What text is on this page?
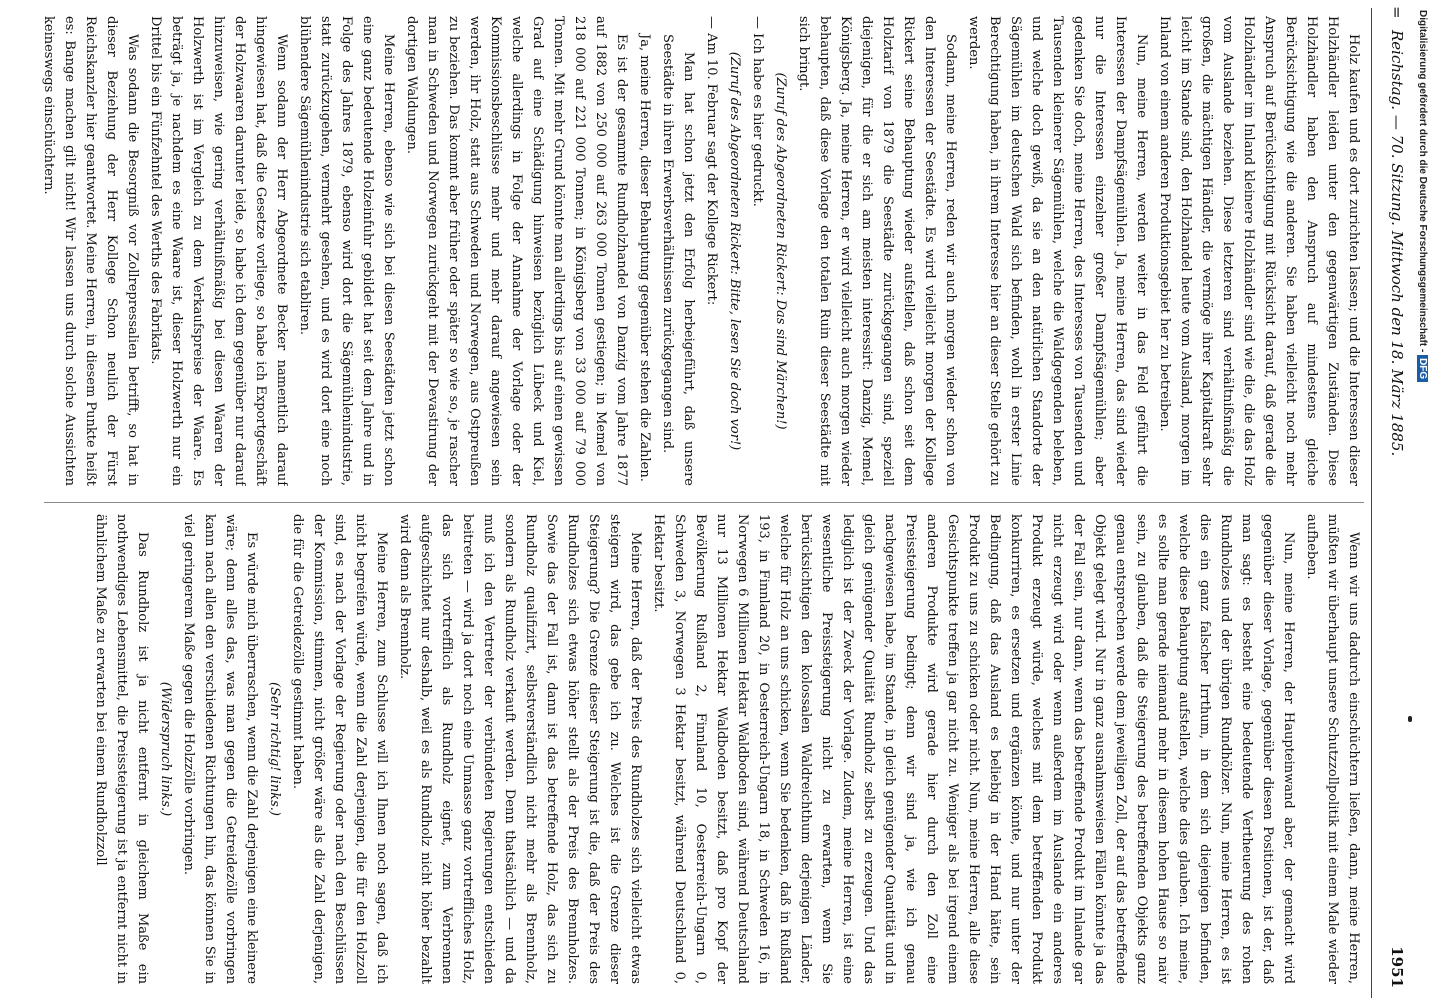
=
Reichstag. — 70. Sitzung. Mittwoch den 18. März 1885.
1951

Holz kaufen und es dort zurichten lassen; und die Interessen dieser Holzhändler leiden unter den gegenwärtigen Zuständen. Diese Holzhändler haben den Anspruch auf mindestens gleiche Berücksichtigung wie die anderen. Sie haben vielleicht noch mehr Anspruch auf Berücksichtigung mit Rücksicht darauf, daß gerade die Holzhändler im Inland kleinere Holzhändler sind wie die, die das Holz vom Auslande beziehen. Diese letzteren sind verhältnißmäßig die großen, die mächtigen Händler, die vermöge ihrer Kapitalkraft sehr leicht im Stande sind, den Holzhandel heute vom Ausland, morgen im Inland von einem anderen Produktionsgebiet her zu betreiben.

Nun, meine Herren, werden weiter in das Feld geführt die Interessen der Dampfsägemühlen. Ja, meine Herren, das sind wieder nur die Interessen einzelner großer Dampfsägemühlen; aber gedenken Sie doch, meine Herren, des Interesses von Tausenden und Tausenden kleinerer Sägemühlen, welche die Waldgegenden beleben, und welche doch gewiß, da sie an den natürlichen Standorte der Sägemühlen im deutschen Wald sich befinden, wohl in erster Linie Berechtigung haben, in ihrem Interesse hier an dieser Stelle gehört zu werden.

Sodann, meine Herren, reden wir auch morgen wieder schon von den Interessen der Seestädte. Es wird vielleicht morgen der Kollege Rickert seine Behauptung wieder aufstellen, daß schon seit dem Holztarif von 1879 die Seestädte zurückgegangen sind, speziell diejenigen, für die er sich am meisten interessirt: Danzig, Memel, Königsberg. Ja, meine Herren, er wird vielleicht auch morgen wieder behaupten, daß diese Vorlage den totalen Ruin dieser Seestädte mit sich bringt.

(Zuruf des Abgeordneten Rickert: Das sind Märchen!)

— Ich habe es hier gedruckt.

(Zuruf des Abgeordneten Rickert: Bitte, lesen Sie doch vor!)

— Am 10. Februar sagt der Kollege Rickert:

Man hat schon jetzt den Erfolg herbeigeführt, daß unsere Seestädte in ihren Erwerbsverhältnissen zurückgegangen sind.

Ja, meine Herren, dieser Behauptung gegenüber stehen die Zahlen.

Es ist der gesammte Rundholzhandel von Danzig vom Jahre 1877 auf 1882 von 250 000 auf 263 000 Tonnen gestiegen; in Memel von 218 000 auf 221 000 Tonnen; in Königsberg von 33 000 auf 79 000 Tonnen. Mit mehr Grund könnte man allerdings bis auf einen gewissen Grad auf eine Schädigung hinweisen bezüglich Lübeck und Kiel, welche allerdings in Folge der Annahme der Vorlage oder der Kommissionsbeschlüsse mehr und mehr darauf angewiesen sein werden, ihr Holz, statt aus Schweden und Norwegen, aus Ostpreußen zu beziehen. Das kommt aber früher oder später so wie so, je rascher man in Schweden und Norwegen zurückgeht mit der Devastirung der dortigen Waldungen.

Meine Herren, ebenso wie sich bei diesen Seestädten jetzt schon eine ganz bedeutende Holzeinfuhr gebildet hat seit dem Jahre und in Folge des Jahres 1879, ebenso wird dort die Sägemühlenindustrie, statt zurückzugehen, vermehrt gesehen, und es wird dort eine noch blühendere Sägemühlenindustrie sich etabliren.

Wenn sodann der Herr Abgeordnete Becker namentlich darauf hingewiesen hat, daß die Gesetze vorliege, so habe ich Exportgeschäft der Holzwaaren darunter leide, so habe ich dem gegenüber nur darauf hinzuweisen, wie gering verhältnißmäßig bei diesen Waaren der Holzwerth ist im Vergleich zu dem Verkaufspreise der Waare. Es beträgt ja, je nachdem es eine Waare ist, dieser Holzwerth nur ein Drittel bis ein Fünfzehntel des Werths des Fabrikats.

Was sodann die Besorgniß vor Zollrepressalien betrifft, so hat in dieser Beziehung der Herr Kollege Schon neulich der Fürst Reichskanzler hier geantwortet. Meine Herren, in diesem Punkte heißt es: Bange machen gilt nicht! Wir lassen uns durch solche Aussichten keineswegs einschüchtern.

Wenn wir uns dadurch einschüchtern ließen, dann, meine Herren, müßten wir überhaupt unsere Schutzzollpolitik mit einem Male wieder aufheben.

Nun, meine Herren, der Hauptеinwand aber, der gemacht wird gegenüber dieser Vorlage, gegenüber diesen Positionen, ist der, daß man sagt: es besteht eine bedeutende Vertheuerung des rohen Rundholzes und der übrigen Rundhölzer. Nun, meine Herren, es ist dies ein ganz falscher Irrthum, in dem sich diejenigen befinden, welche diese Behauptung aufstellen, welche dies glauben. Ich meine, es sollte man gerade niemand mehr in diesem hohen Hause so naiv sein, zu glauben, daß die Steigerung des betreffenden Objekts ganz genau entsprechen werde dem jeweiligen Zoll, der auf das betreffende Objekt gelegt wird. Nur in ganz ausnahmsweisen Fällen könnte ja das der Fall sein, nur dann, wenn das betreffende Produkt im Inlande gar nicht erzeugt wird oder wenn außerdem im Auslande ein anderes Produkt erzeugt würde, welches mit dem betreffenden Produkt konkurriren, es ersetzen und ergänzen könnte, und nur unter der Bedingung, daß das Ausland es beliebig in der Hand hätte, sein Produkt zu uns zu schicken oder nicht. Nun, meine Herren, alle diese Gesichtspunkte treffen ja gar nicht zu. Weniger als bei irgend einem anderen Produkte wird gerade hier durch den Zoll eine Preissteigerung bedingt; denn wir sind ja, wie ich genau nachgewiesen habe, im Stande, in gleich genügender Quantität und in gleich genügender Qualität Rundholz selbst zu erzeugen. Und das lediglich ist der Zweck der Vorlage. Zudem, meine Herren, ist eine wesentliche Preissteigerung nicht zu erwarten, wenn Sie berücksichtigen den kolossalen Waldreichthum derjenigen Länder, welche für Holz an uns schicken, wenn Sie bedenken, daß in Rußland 193, in Finnland 20, in Oesterreich-Ungarn 18, in Schweden 16, in Norwegen 6 Millionen Hektar Waldboden sind, während Deutschland nur 13 Millionen Hektar Waldboden besitzt, daß pro Kopf der Bevölkerung Rußland 2, Finnland 10, Oesterreich-Ungarn 0, Schweden 3, Norwegen 3 Hektar besitzt, während Deutschland 0, Hektar besitzt.

Meine Herren, daß der Preis des Rundholzes sich vielleicht etwas steigern wird, das gebe ich zu. Welches ist die Grenze dieser Steigerung? Die Grenze dieser Steigerung ist die, daß der Preis des Rundholzes sich etwas höher stellt als der Preis des Brennholzes. Sowie das der Fall ist, dann ist das betreffende Holz, das sich zu Rundholz qualifizirt, selbstverständlich nicht mehr als Brennholz, sondern als Rundholz verkauft werden. Denn thatsächlich — und da muß ich den Vertreter der verbündeten Regierungen entschieden beitreten — wird ja dort noch eine Unmasse ganz vortreffliches Holz, das sich vortrefflich als Rundholz eignet, zum Verbrennen aufgeschichtet nur deshalb, weil es als Rundholz nicht höher bezahlt wird denn als Brennholz.

Meine Herren, zum Schlusse will ich Ihnen noch sagen, daß ich nicht begreifen würde, wenn die Zahl derjenigen, die für den Holzzoll sind, es nach der Vorlage der Regierung oder nach den Beschlüssen der Kommission, stimmen, nicht größer wäre als die Zahl derjenigen, die für die Getreidezölle gestimmt haben.

(Sehr richtig! links.)

Es würde mich überraschen, wenn die Zahl derjenigen eine kleinere wäre; denn alles das, was man gegen die Getreidezölle vorbringen kann nach allen den verschiedenen Richtungen hin, das können Sie in viel geringerem Maße gegen die Holzzölle vorbringen.

(Widerspruch links.)

Das Rundholz ist ja nicht entfernt in gleichem Maße ein nothwendiges Lebensmittel, die Preissteigerung ist ja entfernt nicht in ähnlichem Maße zu erwarten bei einem Rundholzzoll

Digitalisierung gefördert durch die Deutsche Forschungsgemeinschaft - DFG
